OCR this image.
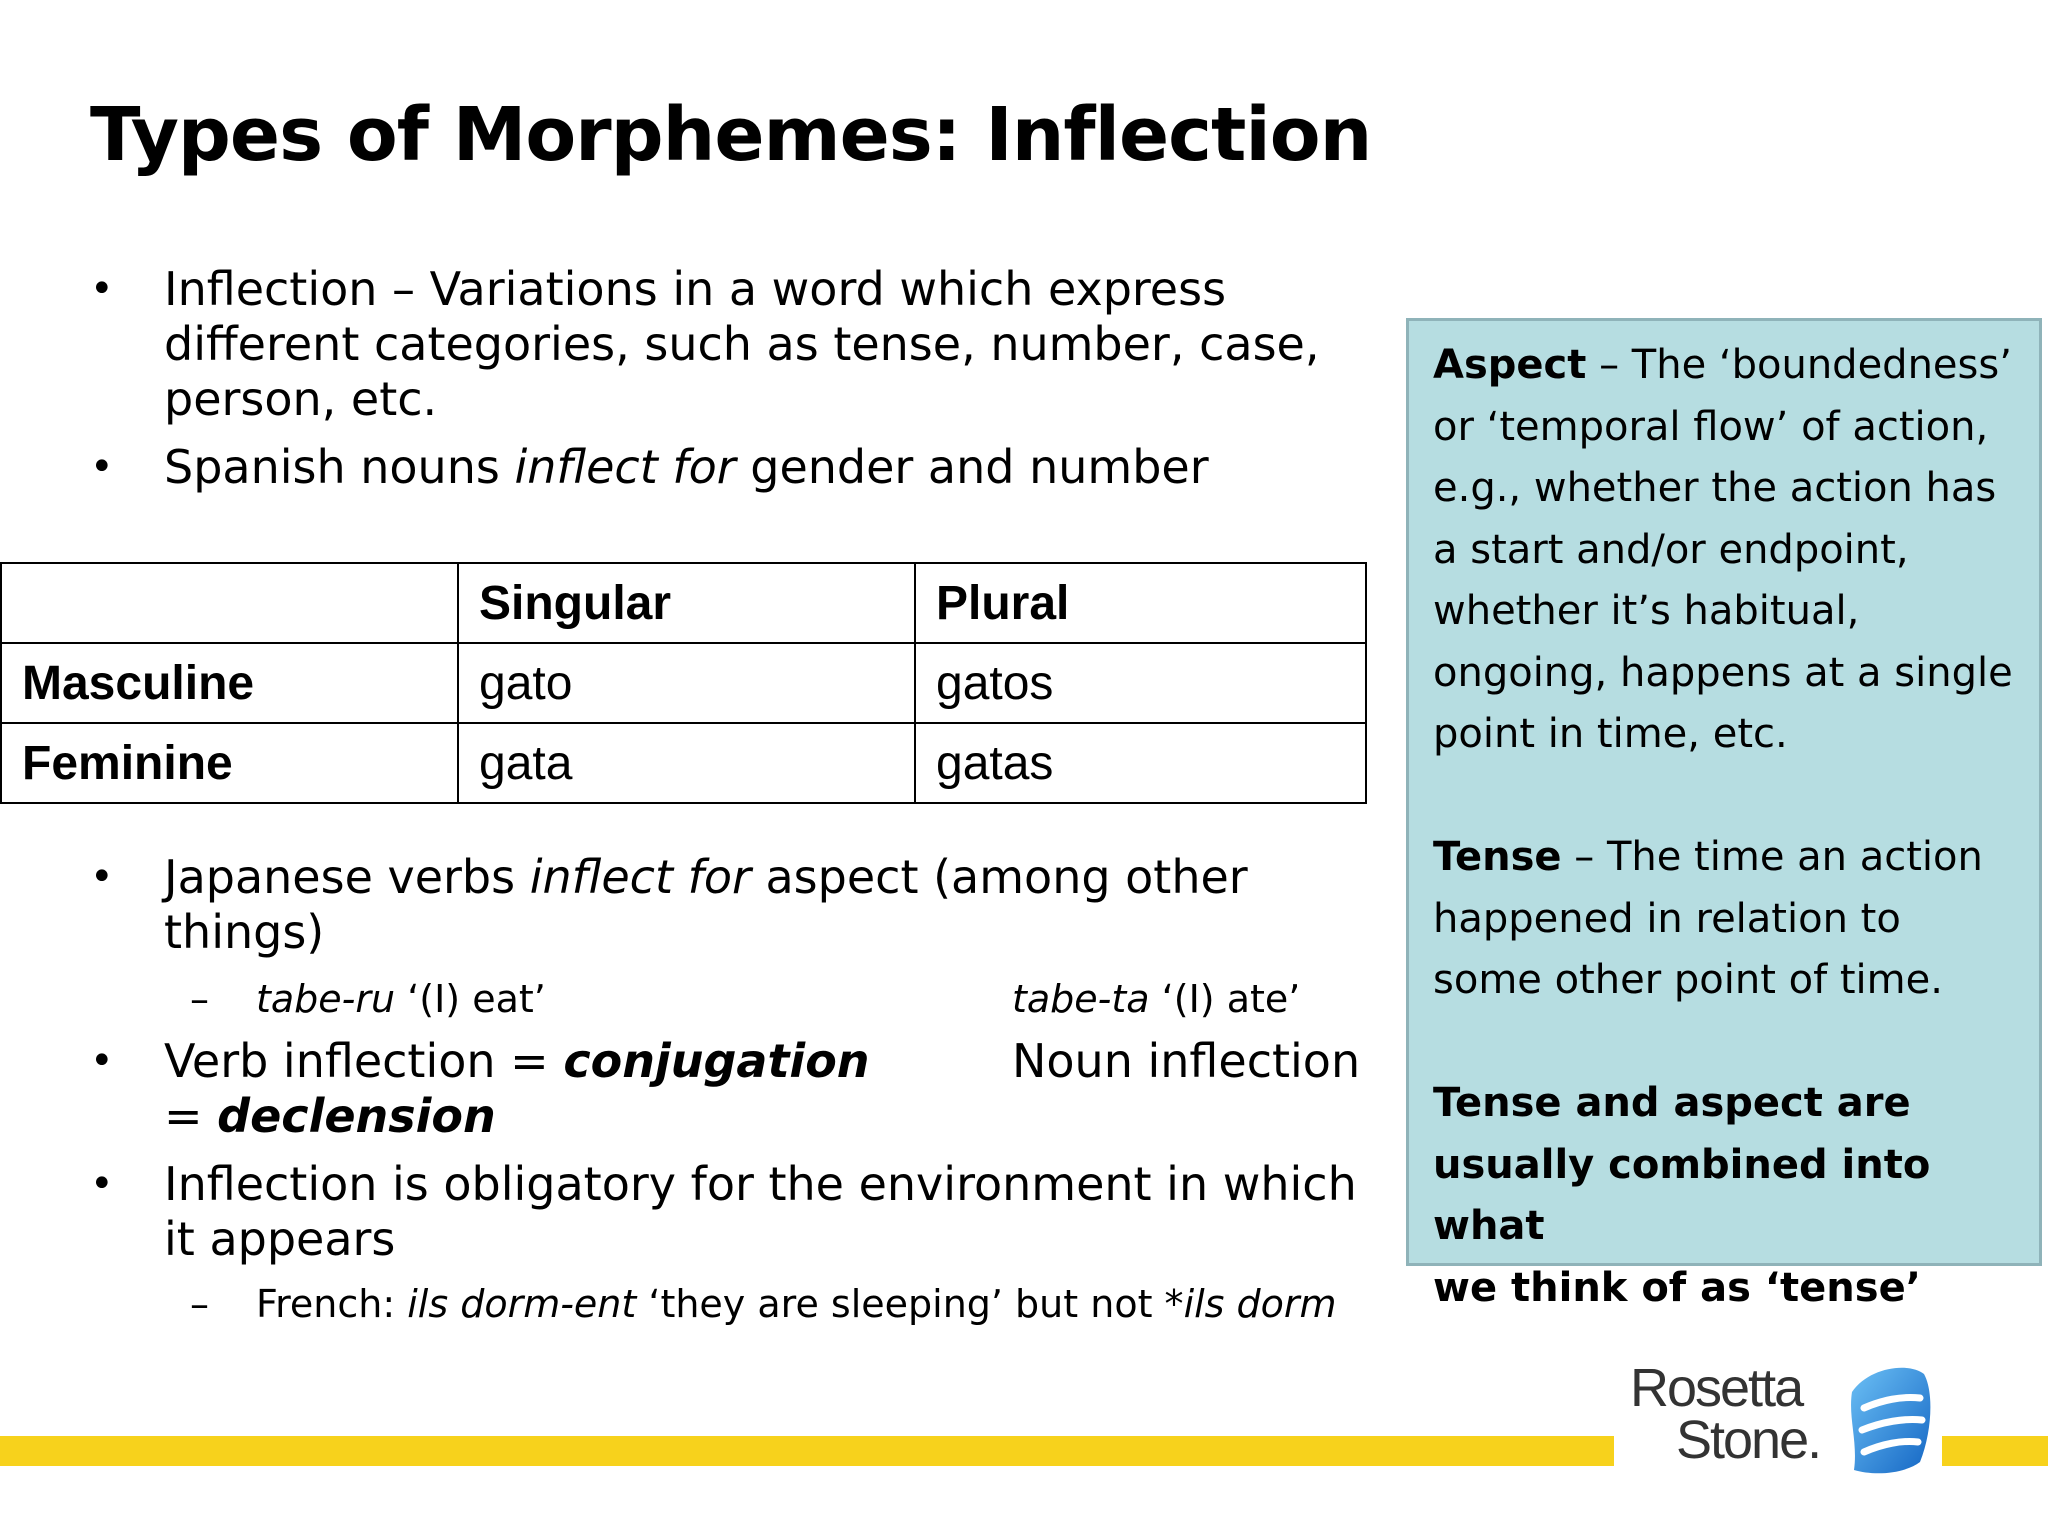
Types of Morphemes: Inflection
• Inflection – Variations in a word which express
different categories, such as tense, number, case,
person, etc.
• Spanish nouns inflect for gender and number
• Japanese verbs inflect for aspect (among other
things)
– tabe-ru ‘(I) eat’	tabe-ta ‘(I) ate’
• Verb inflection = conjugation	Noun inflection
= declension
• Inflection is obligatory for the environment in which
it appears
– French: ils dorm-ent ‘they are sleeping’ but not *ils dorm
	Singular	Plural
Masculine	gato	gatos
Feminine	gata	gatas

Aspect – The ‘boundedness’

or ‘temporal flow’ of action,

e.g., whether the action has

a start and/or endpoint,

whether it’s habitual,

ongoing, happens at a single

point in time, etc.

Tense – The time an action

happened in relation to

some other point of time.

Tense and aspect are

usually combined into what

we think of as ‘tense’

Rosetta
Stone.
